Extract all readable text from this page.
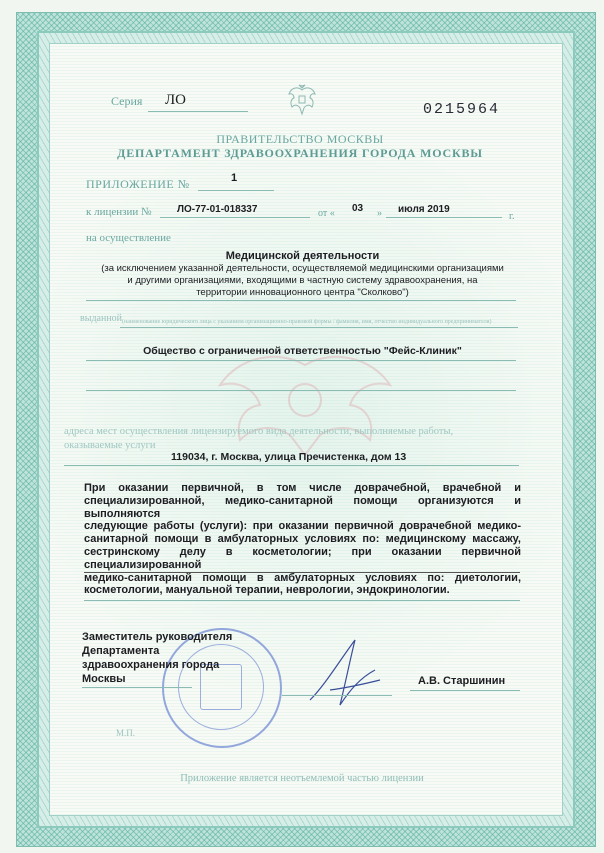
Серия ЛО
0215964
ПРАВИТЕЛЬСТВО МОСКВЫ
ДЕПАРТАМЕНТ ЗДРАВООХРАНЕНИЯ ГОРОДА МОСКВЫ
ПРИЛОЖЕНИЕ №	1
к лицензии №	ЛО-77-01-018337	от « 03 » июля 2019
г.
на осуществление
Медицинской деятельности
(за исключением указанной деятельности, осуществляемой медицинскими организациями
и другими организациями, входящими в частную систему здравоохранения, на
территории инновационного центра "Сколково")
выданной (наименование юридического лица с указанием организационно-правовой формы / фамилия, имя, отчество индивидуального предпринимателя)
Общество с ограниченной ответственностью "Фейс-Клиник"
адреса мест осуществления лицензируемого вида деятельности, выполняемые работы,
оказываемые услуги
119034, г. Москва, улица Пречистенка, дом 13
При оказании первичной, в том числе доврачебной, врачебной и
специализированной, медико-санитарной помощи организуются и выполняются
следующие работы (услуги): при оказании первичной доврачебной медико-
санитарной помощи в амбулаторных условиях по: медицинскому массажу,
сестринскому делу в косметологии; при оказании первичной специализированной
медико-санитарной помощи в амбулаторных условиях по: диетологии,
косметологии, мануальной терапии, неврологии, эндокринологии.
Заместитель руководителя
Департамента
здравоохранения города
Москвы	А.В. Старшинин
М.П.
Приложение является неотъемлемой частью лицензии
